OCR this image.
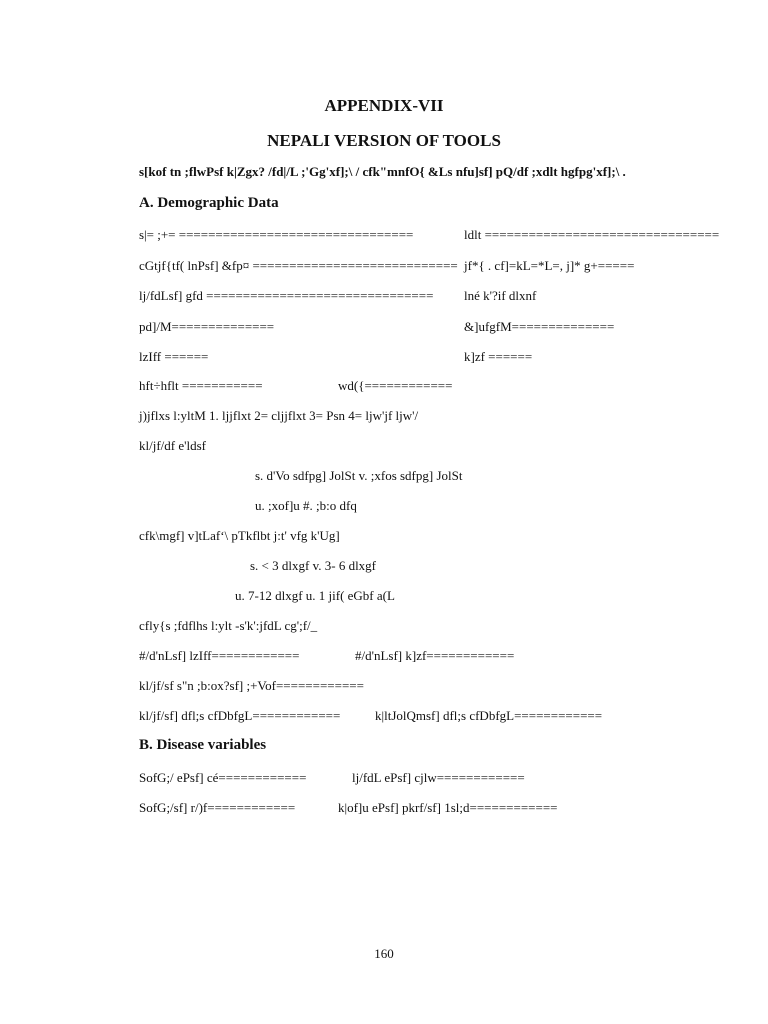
APPENDIX-VII
NEPALI VERSION OF TOOLS
s[kof tn ;flwPsf k|Zgx? /fd|/L ;'Gg'xf];\ / cfk"mnfO{ &Ls nfu]sf] pQ/df ;xdlt hgfpg'xf];\ .
A. Demographic Data
s|= ;+= ================================	ldlt ================================
cGtjf{tf( lnPsf] &fp¤ ============================ jf*{ . cf]=kL=*L=, j]* g+=====
lj/fdLsf] gfd =============================== lné k'?if dlxnf
pd]/M==============	&]ufgfM==============
lzIff ======	k]zf ======
hft÷hflt ===========	wd({============
j)jflxs l:yltM 1. ljjflxt 2= cljjflxt 3= Psn 4= ljw'jf ljw'/
kl/jf/df e'ldsf
s. d'Vo sdfpg] JolSt v. ;xfos sdfpg] JolSt
u. ;xof]u #. ;b:o dfq
cfk\mgf] v]tLaf‘\ pTkflbt j:t' vfg k'Ug]
s. < 3 dlxgf v. 3- 6 dlxgf
u. 7-12 dlxgf u. 1 jif( eGbf a(L
cfly{s ;fdflhs l:ylt -s'k':jfdL cg';f/_
#/d'nLsf] lzIff============	#/d'nLsf] k]zf============
kl/jf/sf s"n ;b:ox?sf] ;+Vof============
kl/jf/sf] dfl;s cfDbfgL============	k|ltJolQmsf] dfl;s cfDbfgL============
B. Disease variables
SofG;/ ePsf] cé============	lj/fdL ePsf] cjlw============
SofG;/sf] r/)f============	k|of]u ePsf] pkrf/sf] 1sl;d============
160
